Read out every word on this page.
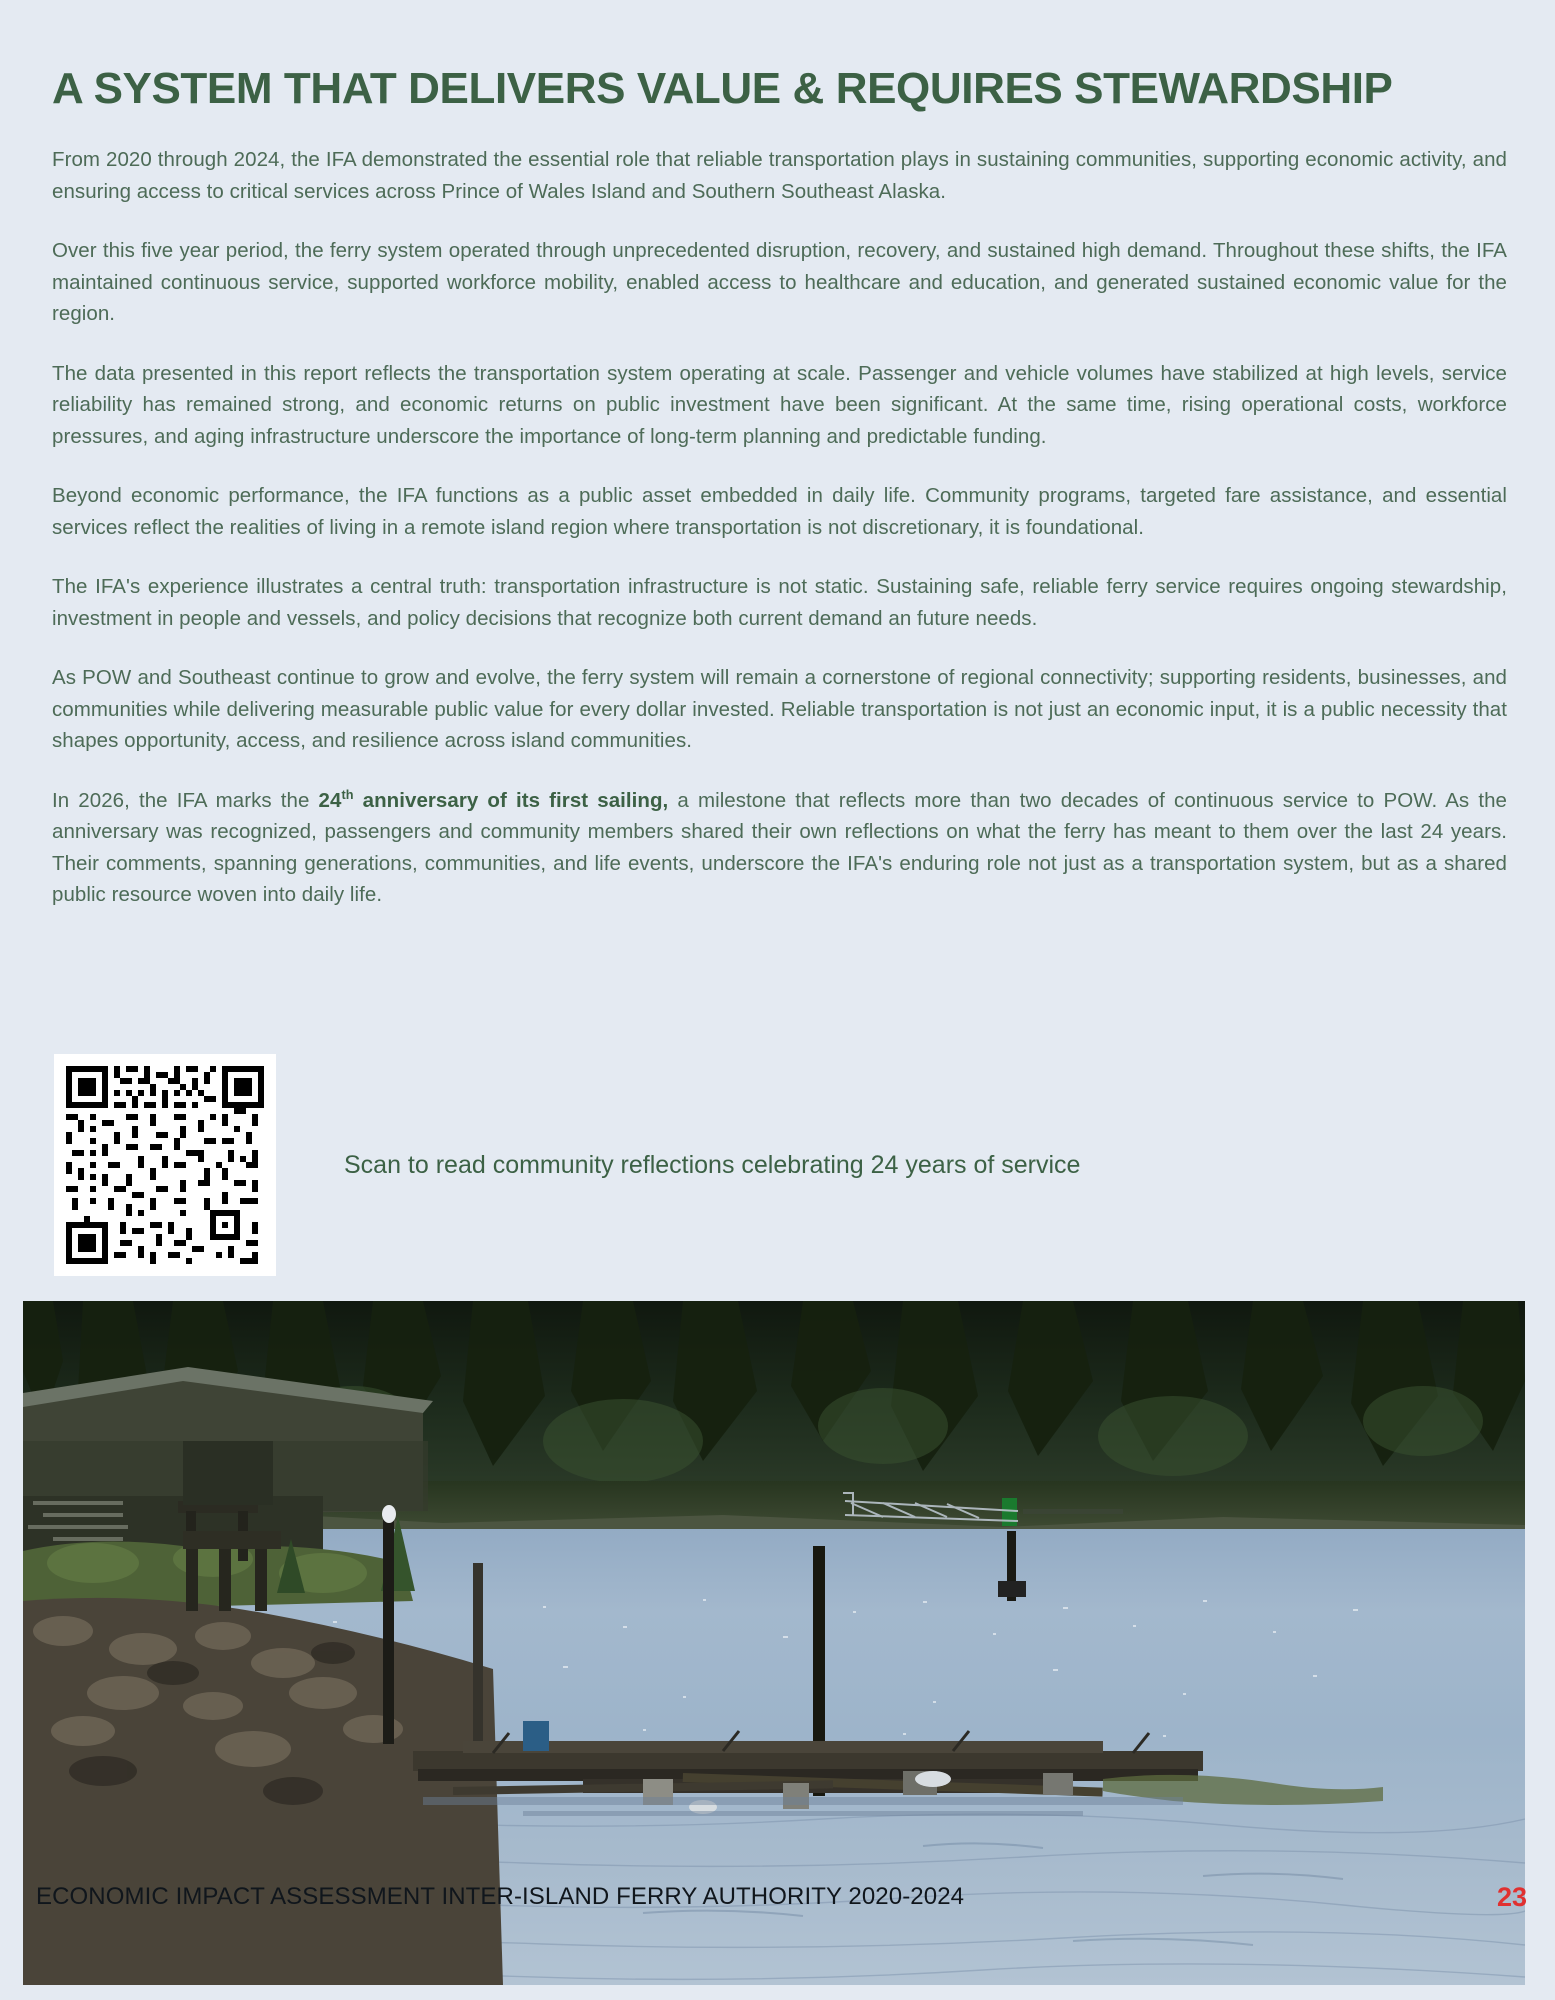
A SYSTEM THAT DELIVERS VALUE & REQUIRES STEWARDSHIP

From 2020 through 2024, the IFA demonstrated the essential role that reliable transportation plays in sustaining communities, supporting economic activity, and ensuring access to critical services across Prince of Wales Island and Southern Southeast Alaska.

Over this five year period, the ferry system operated through unprecedented disruption, recovery, and sustained high demand. Throughout these shifts, the IFA maintained continuous service, supported workforce mobility, enabled access to healthcare and education, and generated sustained economic value for the region.

The data presented in this report reflects the transportation system operating at scale. Passenger and vehicle volumes have stabilized at high levels, service reliability has remained strong, and economic returns on public investment have been significant. At the same time, rising operational costs, workforce pressures, and aging infrastructure underscore the importance of long-term planning and predictable funding.

Beyond economic performance, the IFA functions as a public asset embedded in daily life. Community programs, targeted fare assistance, and essential services reflect the realities of living in a remote island region where transportation is not discretionary, it is foundational.

The IFA's experience illustrates a central truth: transportation infrastructure is not static. Sustaining safe, reliable ferry service requires ongoing stewardship, investment in people and vessels, and policy decisions that recognize both current demand an future needs.

As POW and Southeast continue to grow and evolve, the ferry system will remain a cornerstone of regional connectivity; supporting residents, businesses, and communities while delivering measurable public value for every dollar invested. Reliable transportation is not just an economic input, it is a public necessity that shapes opportunity, access, and resilience across island communities.

In 2026, the IFA marks the 24th anniversary of its first sailing, a milestone that reflects more than two decades of continuous service to POW. As the anniversary was recognized, passengers and community members shared their own reflections on what the ferry has meant to them over the last 24 years. Their comments, spanning generations, communities, and life events, underscore the IFA's enduring role not just as a transportation system, but as a shared public resource woven into daily life.

Scan to read community reflections celebrating 24 years of service
ECONOMIC IMPACT ASSESSMENT INTER-ISLAND FERRY AUTHORITY 2020-2024	23
